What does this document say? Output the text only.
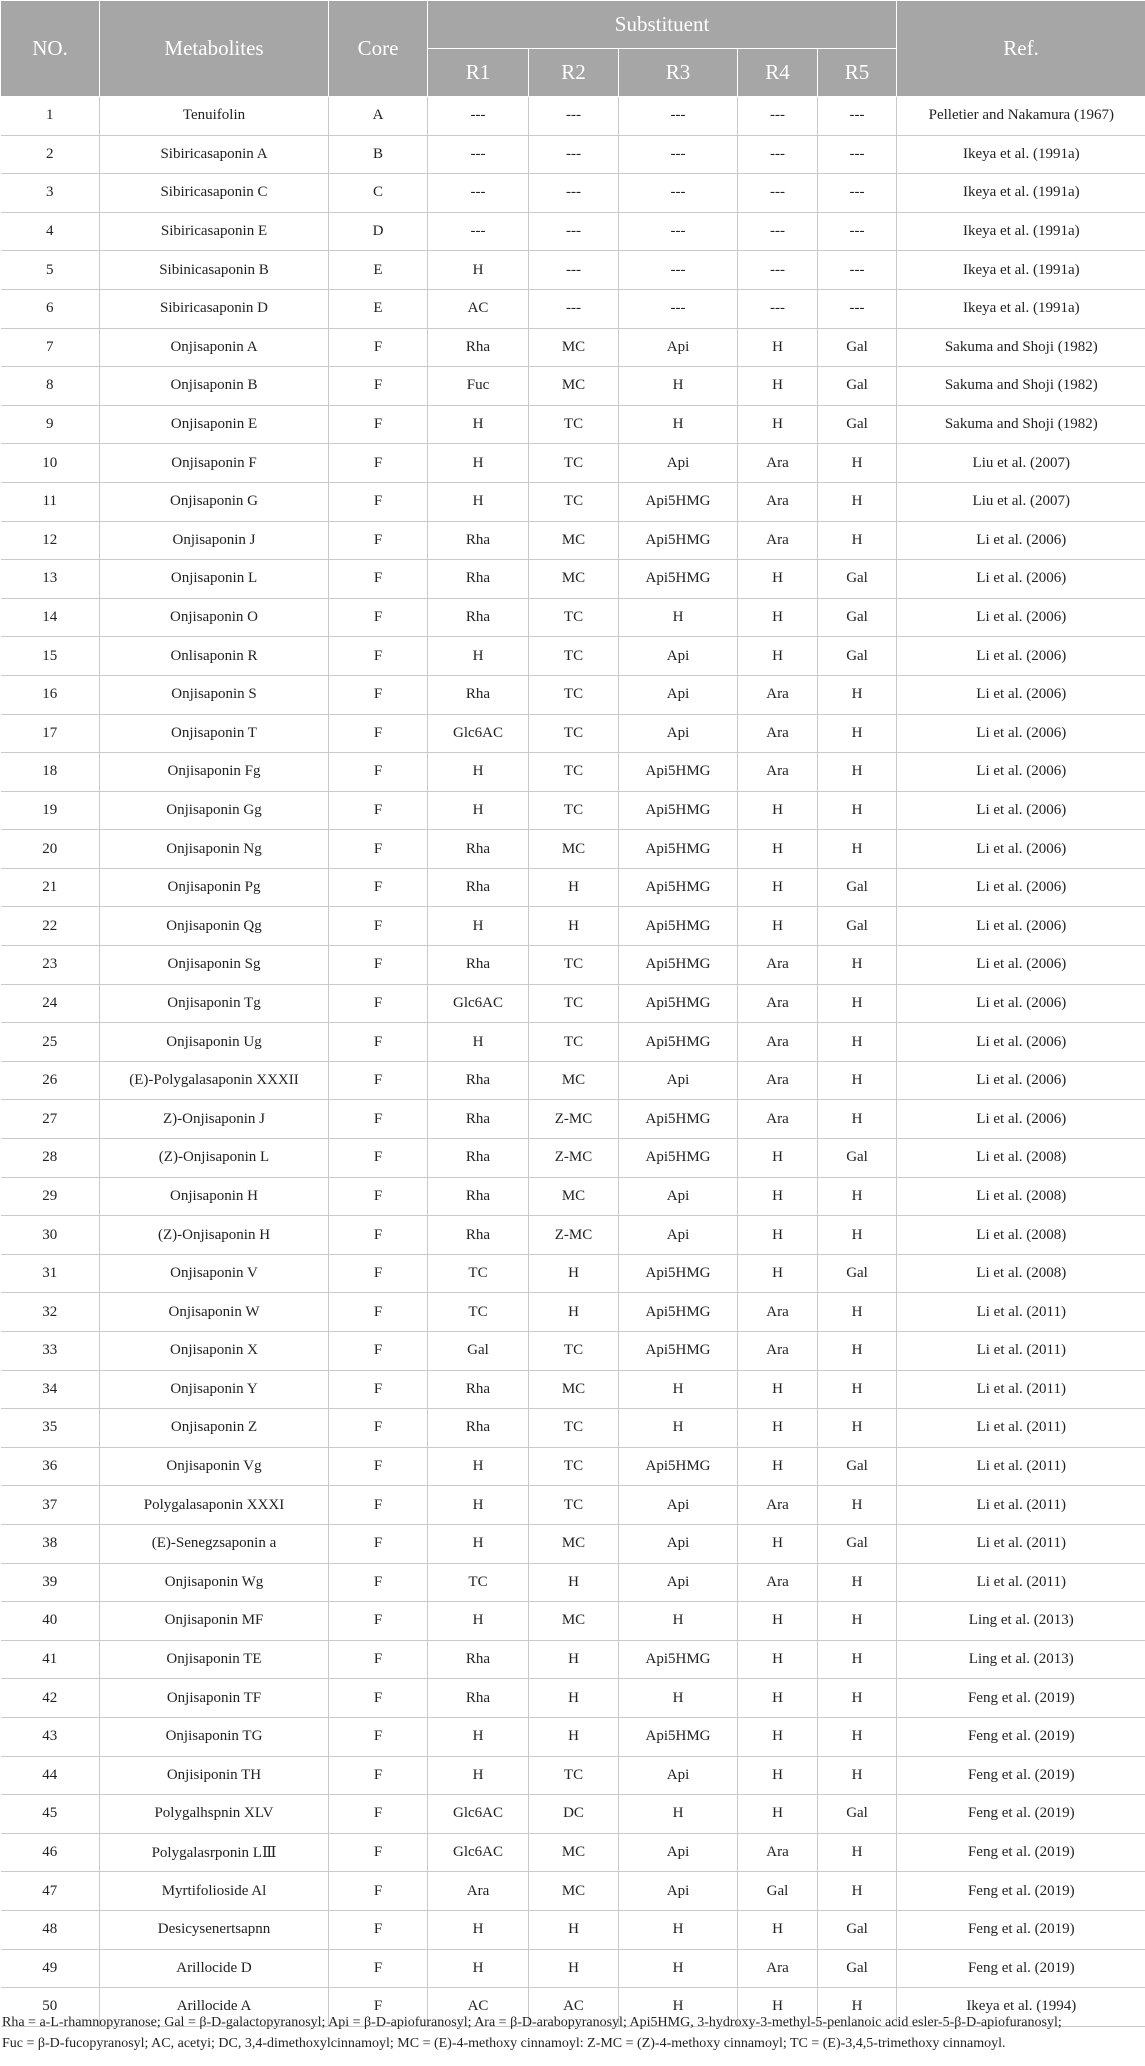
NO.	Metabolites	Core	Substituent					Ref.
			R1	R2	R3	R4	R5	
1	Tenuifolin	A	---	---	---	---	---	Pelletier and Nakamura (1967)
2	Sibiricasaponin A	B	---	---	---	---	---	Ikeya et al. (1991a)
3	Sibiricasaponin C	C	---	---	---	---	---	Ikeya et al. (1991a)
4	Sibiricasaponin E	D	---	---	---	---	---	Ikeya et al. (1991a)
5	Sibinicasaponin B	E	H	---	---	---	---	Ikeya et al. (1991a)
6	Sibiricasaponin D	E	AC	---	---	---	---	Ikeya et al. (1991a)
7	Onjisaponin A	F	Rha	MC	Api	H	Gal	Sakuma and Shoji (1982)
8	Onjisaponin B	F	Fuc	MC	H	H	Gal	Sakuma and Shoji (1982)
9	Onjisaponin E	F	H	TC	H	H	Gal	Sakuma and Shoji (1982)
10	Onjisaponin F	F	H	TC	Api	Ara	H	Liu et al. (2007)
11	Onjisaponin G	F	H	TC	Api5HMG	Ara	H	Liu et al. (2007)
12	Onjisaponin J	F	Rha	MC	Api5HMG	Ara	H	Li et al. (2006)
13	Onjisaponin L	F	Rha	MC	Api5HMG	H	Gal	Li et al. (2006)
14	Onjisaponin O	F	Rha	TC	H	H	Gal	Li et al. (2006)
15	Onlisaponin R	F	H	TC	Api	H	Gal	Li et al. (2006)
16	Onjisaponin S	F	Rha	TC	Api	Ara	H	Li et al. (2006)
17	Onjisaponin T	F	Glc6AC	TC	Api	Ara	H	Li et al. (2006)
18	Onjisaponin Fg	F	H	TC	Api5HMG	Ara	H	Li et al. (2006)
19	Onjisaponin Gg	F	H	TC	Api5HMG	H	H	Li et al. (2006)
20	Onjisaponin Ng	F	Rha	MC	Api5HMG	H	H	Li et al. (2006)
21	Onjisaponin Pg	F	Rha	H	Api5HMG	H	Gal	Li et al. (2006)
22	Onjisaponin Qg	F	H	H	Api5HMG	H	Gal	Li et al. (2006)
23	Onjisaponin Sg	F	Rha	TC	Api5HMG	Ara	H	Li et al. (2006)
24	Onjisaponin Tg	F	Glc6AC	TC	Api5HMG	Ara	H	Li et al. (2006)
25	Onjisaponin Ug	F	H	TC	Api5HMG	Ara	H	Li et al. (2006)
26	(E)-Polygalasaponin XXXII	F	Rha	MC	Api	Ara	H	Li et al. (2006)
27	Z)-Onjisaponin J	F	Rha	Z-MC	Api5HMG	Ara	H	Li et al. (2006)
28	(Z)-Onjisaponin L	F	Rha	Z-MC	Api5HMG	H	Gal	Li et al. (2008)
29	Onjisaponin H	F	Rha	MC	Api	H	H	Li et al. (2008)
30	(Z)-Onjisaponin H	F	Rha	Z-MC	Api	H	H	Li et al. (2008)
31	Onjisaponin V	F	TC	H	Api5HMG	H	Gal	Li et al. (2008)
32	Onjisaponin W	F	TC	H	Api5HMG	Ara	H	Li et al. (2011)
33	Onjisaponin X	F	Gal	TC	Api5HMG	Ara	H	Li et al. (2011)
34	Onjisaponin Y	F	Rha	MC	H	H	H	Li et al. (2011)
35	Onjisaponin Z	F	Rha	TC	H	H	H	Li et al. (2011)
36	Onjisaponin Vg	F	H	TC	Api5HMG	H	Gal	Li et al. (2011)
37	Polygalasaponin XXXI	F	H	TC	Api	Ara	H	Li et al. (2011)
38	(E)-Senegzsaponin a	F	H	MC	Api	H	Gal	Li et al. (2011)
39	Onjisaponin Wg	F	TC	H	Api	Ara	H	Li et al. (2011)
40	Onjisaponin MF	F	H	MC	H	H	H	Ling et al. (2013)
41	Onjisaponin TE	F	Rha	H	Api5HMG	H	H	Ling et al. (2013)
42	Onjisaponin TF	F	Rha	H	H	H	H	Feng et al. (2019)
43	Onjisaponin TG	F	H	H	Api5HMG	H	H	Feng et al. (2019)
44	Onjisiponin TH	F	H	TC	Api	H	H	Feng et al. (2019)
45	Polygalhspnin XLV	F	Glc6AC	DC	H	H	Gal	Feng et al. (2019)
46	Polygalasrponin LⅢ	F	Glc6AC	MC	Api	Ara	H	Feng et al. (2019)
47	Myrtifolioside Al	F	Ara	MC	Api	Gal	H	Feng et al. (2019)
48	Desicysenertsapnn	F	H	H	H	H	Gal	Feng et al. (2019)
49	Arillocide D	F	H	H	H	Ara	Gal	Feng et al. (2019)
50	Arillocide A	F	AC	AC	H	H	H	Ikeya et al. (1994)

Rha = a-L-rhamnopyranose; Gal = β-D-galactopyranosyl; Api = β-D-apiofuranosyl; Ara = β-D-arabopyranosyl; Api5HMG, 3-hydroxy-3-methyl-5-penlanoic acid esler-5-β-D-apiofuranosyl;

Fuc = β-D-fucopyranosyl; AC, acetyi; DC, 3,4-dimethoxylcinnamoyl; MC = (E)-4-methoxy cinnamoyl: Z-MC = (Z)-4-methoxy cinnamoyl; TC = (E)-3,4,5-trimethoxy cinnamoyl.
